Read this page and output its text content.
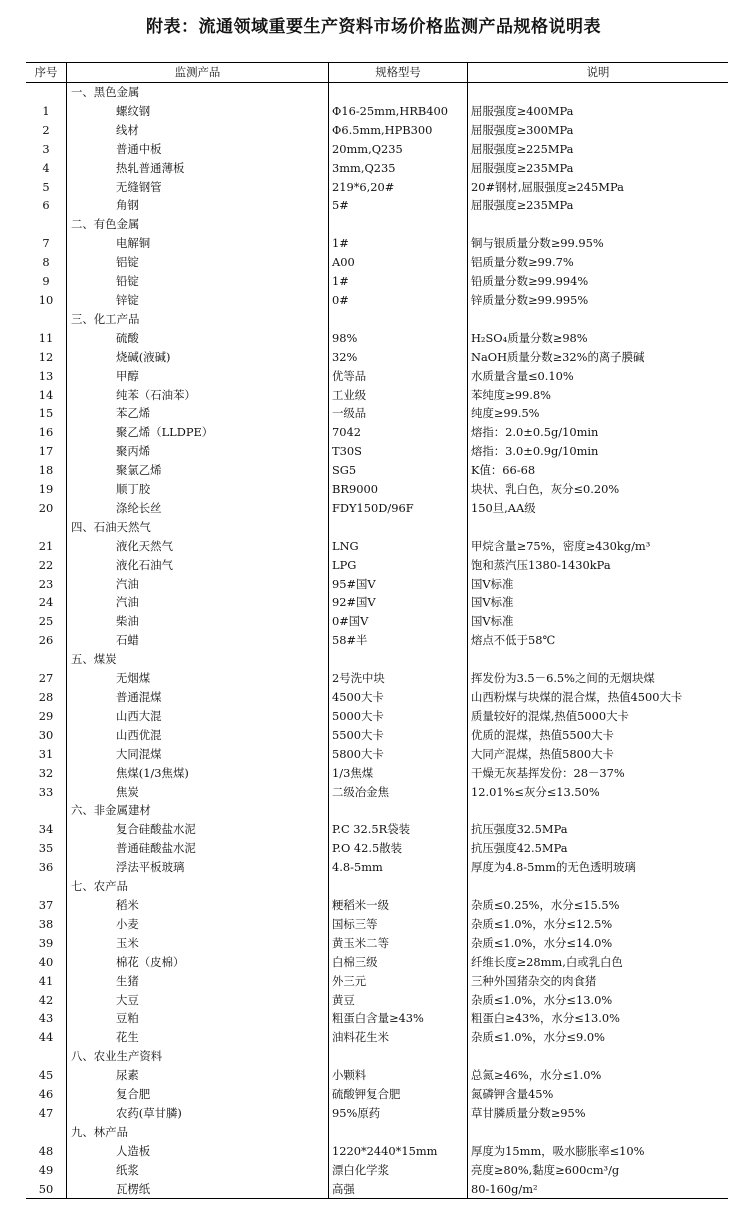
附表：流通领域重要生产资料市场价格监测产品规格说明表
序号	监测产品	规格型号	说明
	一、黑色金属		
1	螺纹钢	Φ16-25mm,HRB400	屈服强度≥400MPa
2	线材	Φ6.5mm,HPB300	屈服强度≥300MPa
3	普通中板	20mm,Q235	屈服强度≥225MPa
4	热轧普通薄板	3mm,Q235	屈服强度≥235MPa
5	无缝钢管	219*6,20#	20#钢材,屈服强度≥245MPa
6	角钢	5#	屈服强度≥235MPa
	二、有色金属		
7	电解铜	1#	铜与银质量分数≥99.95%
8	铝锭	A00	铝质量分数≥99.7%
9	铅锭	1#	铅质量分数≥99.994%
10	锌锭	0#	锌质量分数≥99.995%
	三、化工产品		
11	硫酸	98%	H₂SO₄质量分数≥98%
12	烧碱(液碱)	32%	NaOH质量分数≥32%的离子膜碱
13	甲醇	优等品	水质量含量≤0.10%
14	纯苯（石油苯）	工业级	苯纯度≥99.8%
15	苯乙烯	一级品	纯度≥99.5%
16	聚乙烯（LLDPE）	7042	熔指：2.0±0.5g/10min
17	聚丙烯	T30S	熔指：3.0±0.9g/10min
18	聚氯乙烯	SG5	K值：66-68
19	顺丁胶	BR9000	块状、乳白色，灰分≤0.20%
20	涤纶长丝	FDY150D/96F	150旦,AA级
	四、石油天然气		
21	液化天然气	LNG	甲烷含量≥75%，密度≥430kg/m³
22	液化石油气	LPG	饱和蒸汽压1380-1430kPa
23	汽油	95#国Ⅴ	国Ⅴ标准
24	汽油	92#国Ⅴ	国Ⅴ标准
25	柴油	0#国Ⅴ	国Ⅴ标准
26	石蜡	58#半	熔点不低于58℃
	五、煤炭		
27	无烟煤	2号洗中块	挥发份为3.5－6.5%之间的无烟块煤
28	普通混煤	4500大卡	山西粉煤与块煤的混合煤，热值4500大卡
29	山西大混	5000大卡	质量较好的混煤,热值5000大卡
30	山西优混	5500大卡	优质的混煤，热值5500大卡
31	大同混煤	5800大卡	大同产混煤，热值5800大卡
32	焦煤(1/3焦煤)	1/3焦煤	干燥无灰基挥发份：28－37%
33	焦炭	二级冶金焦	12.01%≤灰分≤13.50%
	六、非金属建材		
34	复合硅酸盐水泥	P.C 32.5R袋装	抗压强度32.5MPa
35	普通硅酸盐水泥	P.O 42.5散装	抗压强度42.5MPa
36	浮法平板玻璃	4.8-5mm	厚度为4.8-5mm的无色透明玻璃
	七、农产品		
37	稻米	粳稻米一级	杂质≤0.25%，水分≤15.5%
38	小麦	国标三等	杂质≤1.0%，水分≤12.5%
39	玉米	黄玉米二等	杂质≤1.0%，水分≤14.0%
40	棉花（皮棉）	白棉三级	纤维长度≥28mm,白或乳白色
41	生猪	外三元	三种外国猪杂交的肉食猪
42	大豆	黄豆	杂质≤1.0%，水分≤13.0%
43	豆粕	粗蛋白含量≥43%	粗蛋白≥43%，水分≤13.0%
44	花生	油料花生米	杂质≤1.0%，水分≤9.0%
	八、农业生产资料		
45	尿素	小颗料	总氮≥46%，水分≤1.0%
46	复合肥	硫酸钾复合肥	氮磷钾含量45%
47	农药(草甘膦)	95%原药	草甘膦质量分数≥95%
	九、林产品		
48	人造板	1220*2440*15mm	厚度为15mm，吸水膨胀率≤10%
49	纸浆	漂白化学浆	亮度≥80%,黏度≥600cm³/g
50	瓦楞纸	高强	80-160g/m²
